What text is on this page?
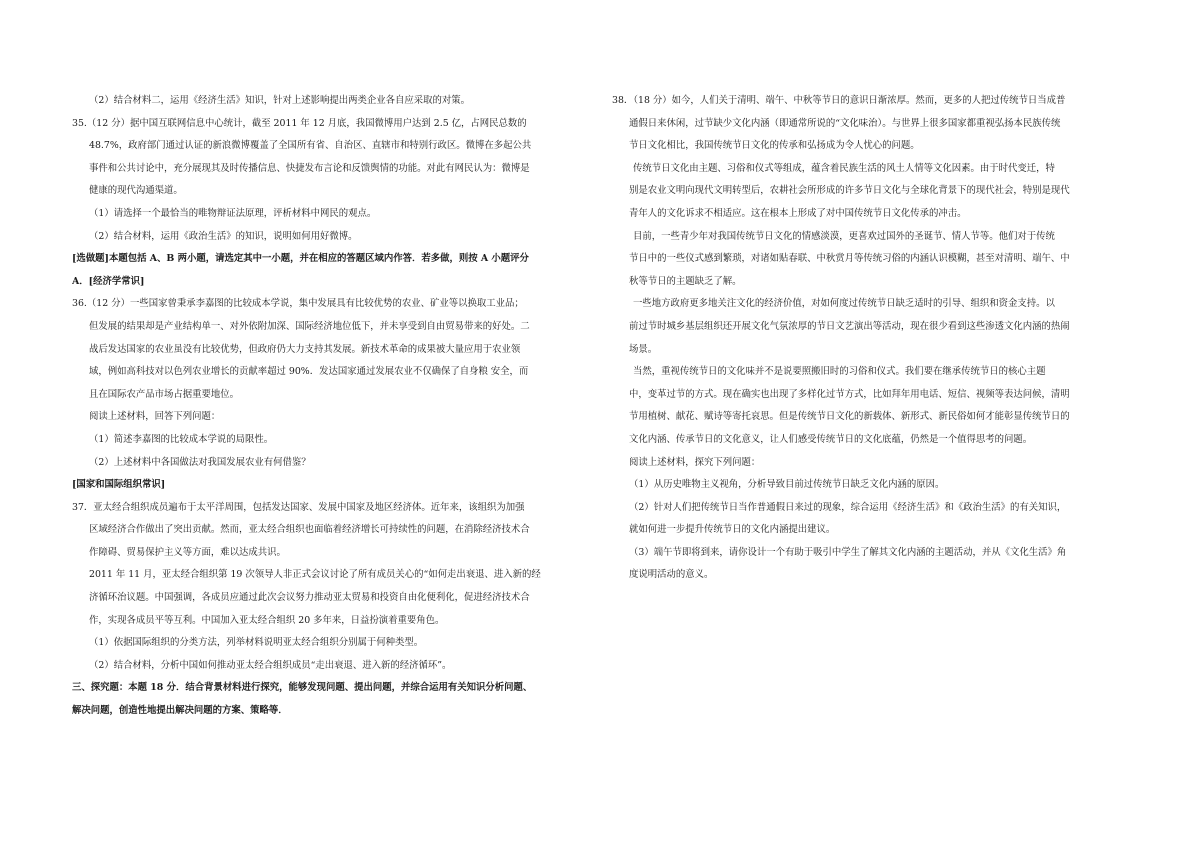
（2）结合材料二，运用《经济生活》知识，针对上述影响提出两类企业各自应采取的对策。
35.（12 分）据中国互联网信息中心统计，截至 2011 年 12 月底，我国微博用户达到 2.5 亿，占网民总数的
48.7%，政府部门通过认证的新浪微博覆盖了全国所有省、自治区、直辖市和特别行政区。微博在多起公共
事件和公共讨论中，充分展现其及时传播信息、快捷发布言论和反馈舆情的功能。对此有网民认为：微博是
健康的现代沟通渠道。
（1）请选择一个最恰当的唯物辩证法原理，评析材料中网民的观点。
（2）结合材料，运用《政治生活》的知识，说明如何用好微博。
[选做题]本题包括 A、B 两小题，请选定其中一小题，并在相应的答题区域内作答．若多做，则按 A 小题评分
A．[经济学常识]
36.（12 分）一些国家曾秉承李嘉图的比较成本学说，集中发展具有比较优势的农业、矿业等以换取工业品；
但发展的结果却是产业结构单一、对外依附加深、国际经济地位低下，并未享受到自由贸易带来的好处。二
战后发达国家的农业虽没有比较优势，但政府仍大力支持其发展。新技术革命的成果被大量应用于农业领
域，例如高科技对以色列农业增长的贡献率超过 90%．发达国家通过发展农业不仅确保了自身粮 安全，而
且在国际农产品市场占据重要地位。
阅读上述材料，回答下列问题：
（1）简述李嘉图的比较成本学说的局限性。
（2）上述材料中各国做法对我国发展农业有何借鉴？
[国家和国际组织常识]
37．亚太经合组织成员遍布于太平洋周围，包括发达国家、发展中国家及地区经济体。近年来，该组织为加强
区域经济合作做出了突出贡献。然而，亚太经合组织也面临着经济增长可持续性的问题，在消除经济技术合
作障碍、贸易保护主义等方面，难以达成共识。
2011 年 11 月，亚太经合组织第 19 次领导人非正式会议讨论了所有成员关心的“如何走出衰退、进入新的经
济循环治议题。中国强调，各成员应通过此次会议努力推动亚太贸易和投资自由化便利化，促进经济技术合
作，实现各成员平等互利。中国加入亚太经合组织 20 多年来，日益扮演着重要角色。
（1）依据国际组织的分类方法，列举材料说明亚太经合组织分别属于何种类型。
（2）结合材料，分析中国如何推动亚太经合组织成员“走出衰退、进入新的经济循环”。
三、探究题：本题 18 分．结合背景材料进行探究，能够发现问题、提出问题，并综合运用有关知识分析问题、
解决问题，创造性地提出解决问题的方案、策略等．
38．（18 分）如今，人们关于清明、端午、中秋等节日的意识日渐浓厚。然而，更多的人把过传统节日当成普
通假日来休闲，过节缺少文化内涵（即通常所说的“文化味治）。与世界上很多国家都重视弘扬本民族传统
节日文化相比，我国传统节日文化的传承和弘扬成为令人忧心的问题。
传统节日文化由主题、习俗和仪式等组成，蕴含着民族生活的风土人情等文化因素。由于时代变迁，特
别是农业文明向现代文明转型后，农耕社会所形成的许多节日文化与全球化背景下的现代社会，特别是现代
青年人的文化诉求不相适应。这在根本上形成了对中国传统节日文化传承的冲击。
目前，一些青少年对我国传统节日文化的情感淡漠，更喜欢过国外的圣诞节、情人节等。他们对于传统
节日中的一些仪式感到繁琐，对诸如贴春联、中秋赏月等传统习俗的内涵认识模糊，甚至对清明、端午、中
秋等节日的主题缺乏了解。
一些地方政府更多地关注文化的经济价值，对如何度过传统节日缺乏适时的引导、组织和资金支持。以
前过节时城乡基层组织还开展文化气氛浓厚的节日文艺演出等活动，现在很少看到这些渗透文化内涵的热闹
场景。
当然，重视传统节日的文化味并不是说要照搬旧时的习俗和仪式。我们要在继承传统节日的核心主题
中，变革过节的方式。现在确实也出现了多样化过节方式，比如拜年用电话、短信、视频等表达问候，清明
节用植树、献花、赋诗等寄托哀思。但是传统节日文化的新载体、新形式、新民俗如何才能彰显传统节日的
文化内涵、传承节日的文化意义，让人们感受传统节日的文化底蕴，仍然是一个值得思考的问题。
阅读上述材料，探究下列问题：
（1）从历史唯物主义视角，分析导致目前过传统节日缺乏文化内涵的原因。
（2）针对人们把传统节日当作普通假日来过的现象，综合运用《经济生活》和《政治生活》的有关知识，
就如何进一步提升传统节日的文化内涵提出建议。
（3）端午节即将到来，请你设计一个有助于吸引中学生了解其文化内涵的主题活动，并从《文化生活》角
度说明活动的意义。
